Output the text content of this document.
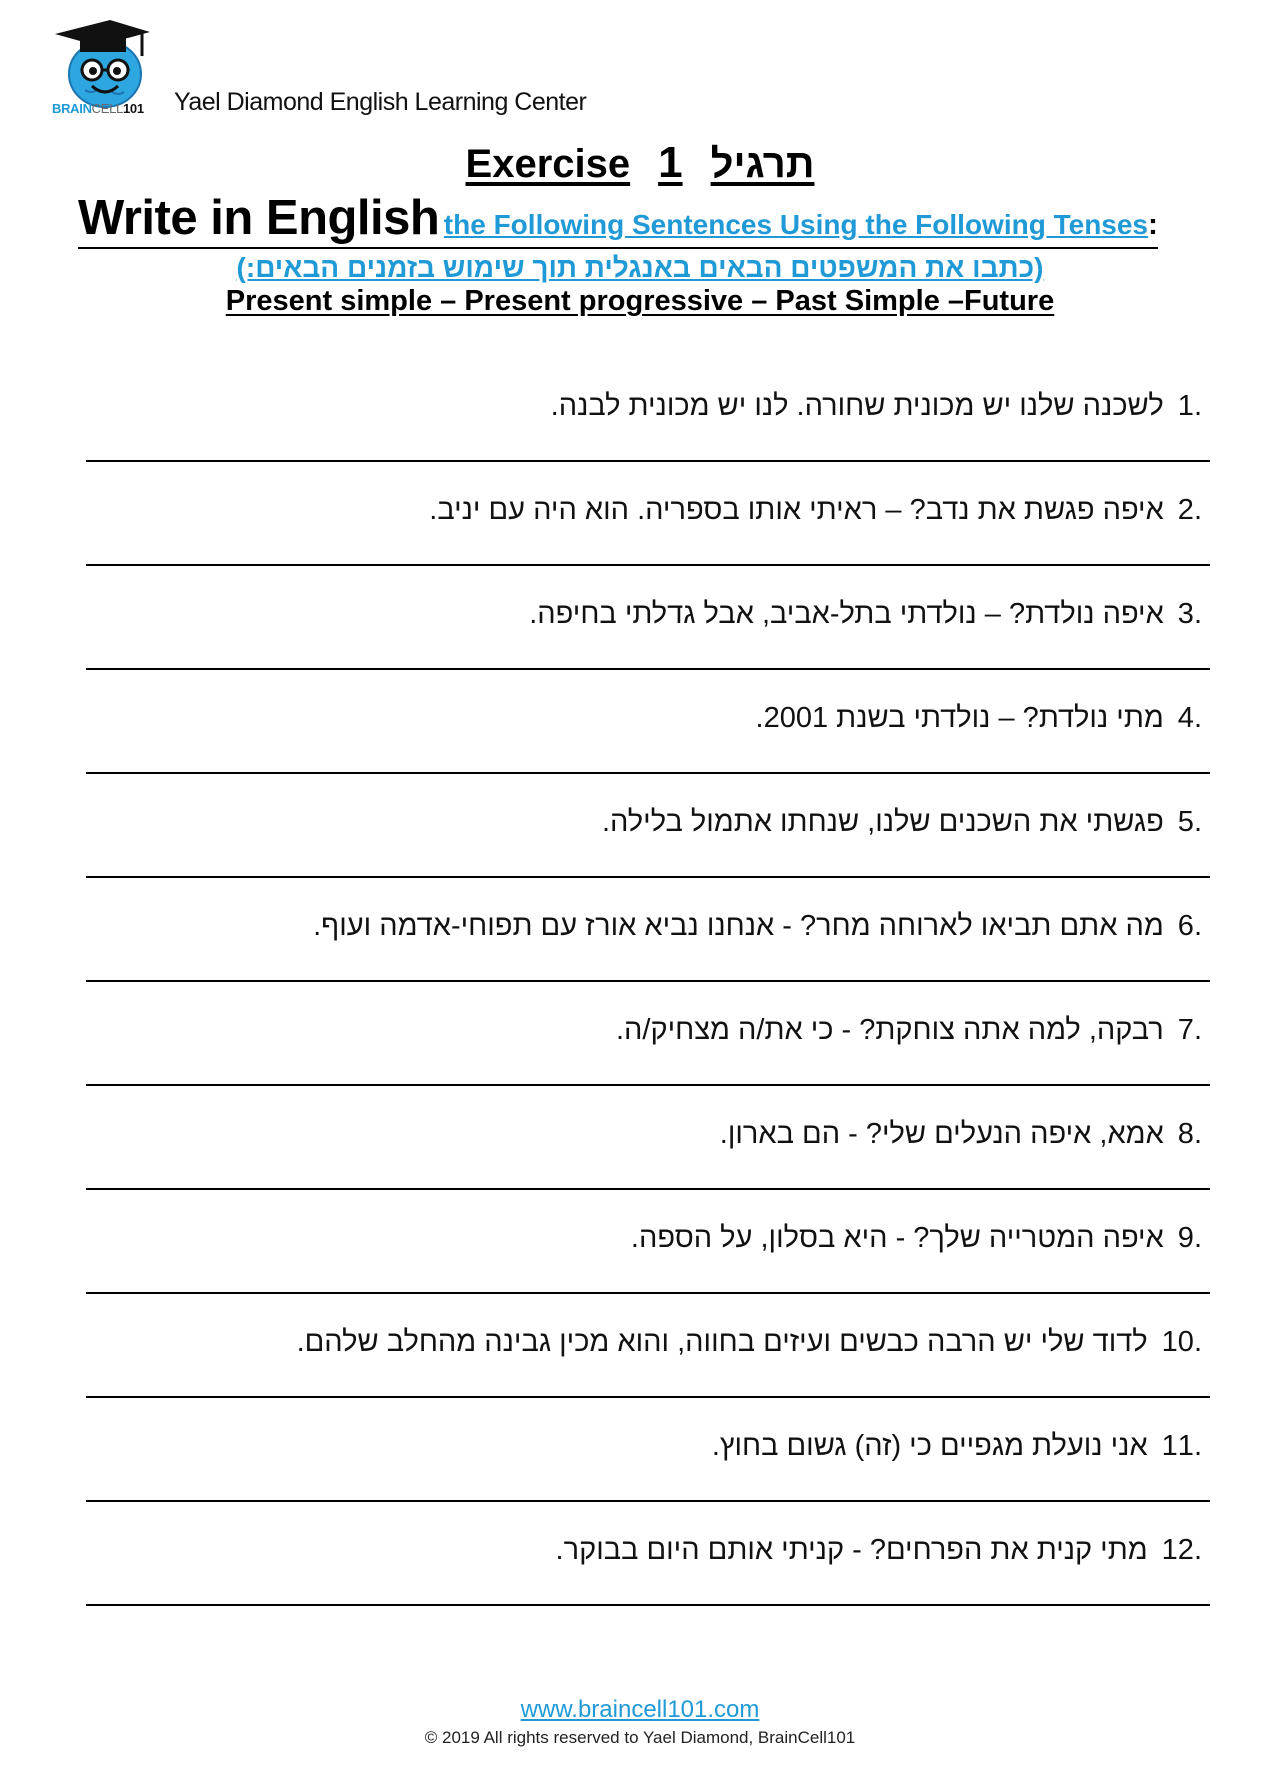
BRAINCELL101 Yael Diamond English Learning Center
Exercise 1 תרגיל
Write in English the Following Sentences Using the Following Tenses:
(כתבו את המשפטים הבאים באנגלית תוך שימוש בזמנים הבאים:)
Present simple – Present progressive – Past Simple –Future
.1לשכנה שלנו יש מכונית שחורה. לנו יש מכונית לבנה.
.2איפה פגשת את נדב? – ראיתי אותו בספריה. הוא היה עם יניב.
.3איפה נולדת? – נולדתי בתל-אביב, אבל גדלתי בחיפה.
.4מתי נולדת? – נולדתי בשנת 2001.
.5פגשתי את השכנים שלנו, שנחתו אתמול בלילה.
.6מה אתם תביאו לארוחה מחר? - אנחנו נביא אורז עם תפוחי-אדמה ועוף.
.7רבקה, למה אתה צוחקת? - כי את/ה מצחיק/ה.
.8אמא, איפה הנעלים שלי? - הם בארון.
.9איפה המטרייה שלך? - היא בסלון, על הספה.
.10לדוד שלי יש הרבה כבשים ועיזים בחווה, והוא מכין גבינה מהחלב שלהם.
.11אני נועלת מגפיים כי (זה) גשום בחוץ.
.12מתי קנית את הפרחים? - קניתי אותם היום בבוקר.
www.braincell101.com
© 2019 All rights reserved to Yael Diamond, BrainCell101
